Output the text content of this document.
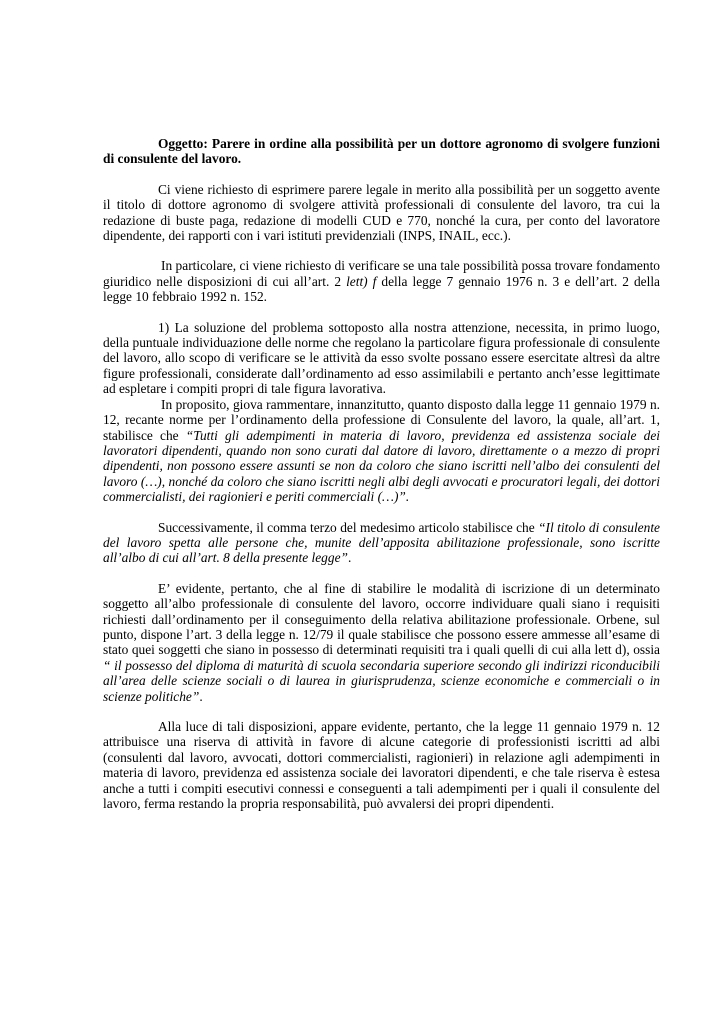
Oggetto: Parere in ordine alla possibilità per un dottore agronomo di svolgere funzioni di consulente del lavoro.

Ci viene richiesto di esprimere parere legale in merito alla possibilità per un soggetto avente il titolo di dottore agronomo di svolgere attività professionali di consulente del lavoro, tra cui la redazione di buste paga, redazione di modelli CUD e 770, nonché la cura, per conto del lavoratore dipendente, dei rapporti con i vari istituti previdenziali (INPS, INAIL, ecc.).

In particolare, ci viene richiesto di verificare se una tale possibilità possa trovare fondamento giuridico nelle disposizioni di cui all’art. 2 lett) f della legge 7 gennaio 1976 n. 3 e dell’art. 2 della legge 10 febbraio 1992 n. 152.

1) La soluzione del problema sottoposto alla nostra attenzione, necessita, in primo luogo, della puntuale individuazione delle norme che regolano la particolare figura professionale di consulente del lavoro, allo scopo di verificare se le attività da esso svolte possano essere esercitate altresì da altre figure professionali, considerate dall’ordinamento ad esso assimilabili e pertanto anch’esse legittimate ad espletare i compiti propri di tale figura lavorativa.

In proposito, giova rammentare, innanzitutto, quanto disposto dalla legge 11 gennaio 1979 n. 12, recante norme per l’ordinamento della professione di Consulente del lavoro, la quale, all’art. 1, stabilisce che “Tutti gli adempimenti in materia di lavoro, previdenza ed assistenza sociale dei lavoratori dipendenti, quando non sono curati dal datore di lavoro, direttamente o a mezzo di propri dipendenti, non possono essere assunti se non da coloro che siano iscritti nell’albo dei consulenti del lavoro (…), nonché da coloro che siano iscritti negli albi degli avvocati e procuratori legali, dei dottori commercialisti, dei ragionieri e periti commerciali (…)”.

Successivamente, il comma terzo del medesimo articolo stabilisce che “Il titolo di consulente del lavoro spetta alle persone che, munite dell’apposita abilitazione professionale, sono iscritte all’albo di cui all’art. 8 della presente legge”.

E’ evidente, pertanto, che al fine di stabilire le modalità di iscrizione di un determinato soggetto all’albo professionale di consulente del lavoro, occorre individuare quali siano i requisiti richiesti dall’ordinamento per il conseguimento della relativa abilitazione professionale. Orbene, sul punto, dispone l’art. 3 della legge n. 12/79 il quale stabilisce che possono essere ammesse all’esame di stato quei soggetti che siano in possesso di determinati requisiti tra i quali quelli di cui alla lett d), ossia “ il possesso del diploma di maturità di scuola secondaria superiore secondo gli indirizzi riconducibili all’area delle scienze sociali o di laurea in giurisprudenza, scienze economiche e commerciali o in scienze politiche”.

Alla luce di tali disposizioni, appare evidente, pertanto, che la legge 11 gennaio 1979 n. 12 attribuisce una riserva di attività in favore di alcune categorie di professionisti iscritti ad albi (consulenti dal lavoro, avvocati, dottori commercialisti, ragionieri) in relazione agli adempimenti in materia di lavoro, previdenza ed assistenza sociale dei lavoratori dipendenti, e che tale riserva è estesa anche a tutti i compiti esecutivi connessi e conseguenti a tali adempimenti per i quali il consulente del lavoro, ferma restando la propria responsabilità, può avvalersi dei propri dipendenti.
